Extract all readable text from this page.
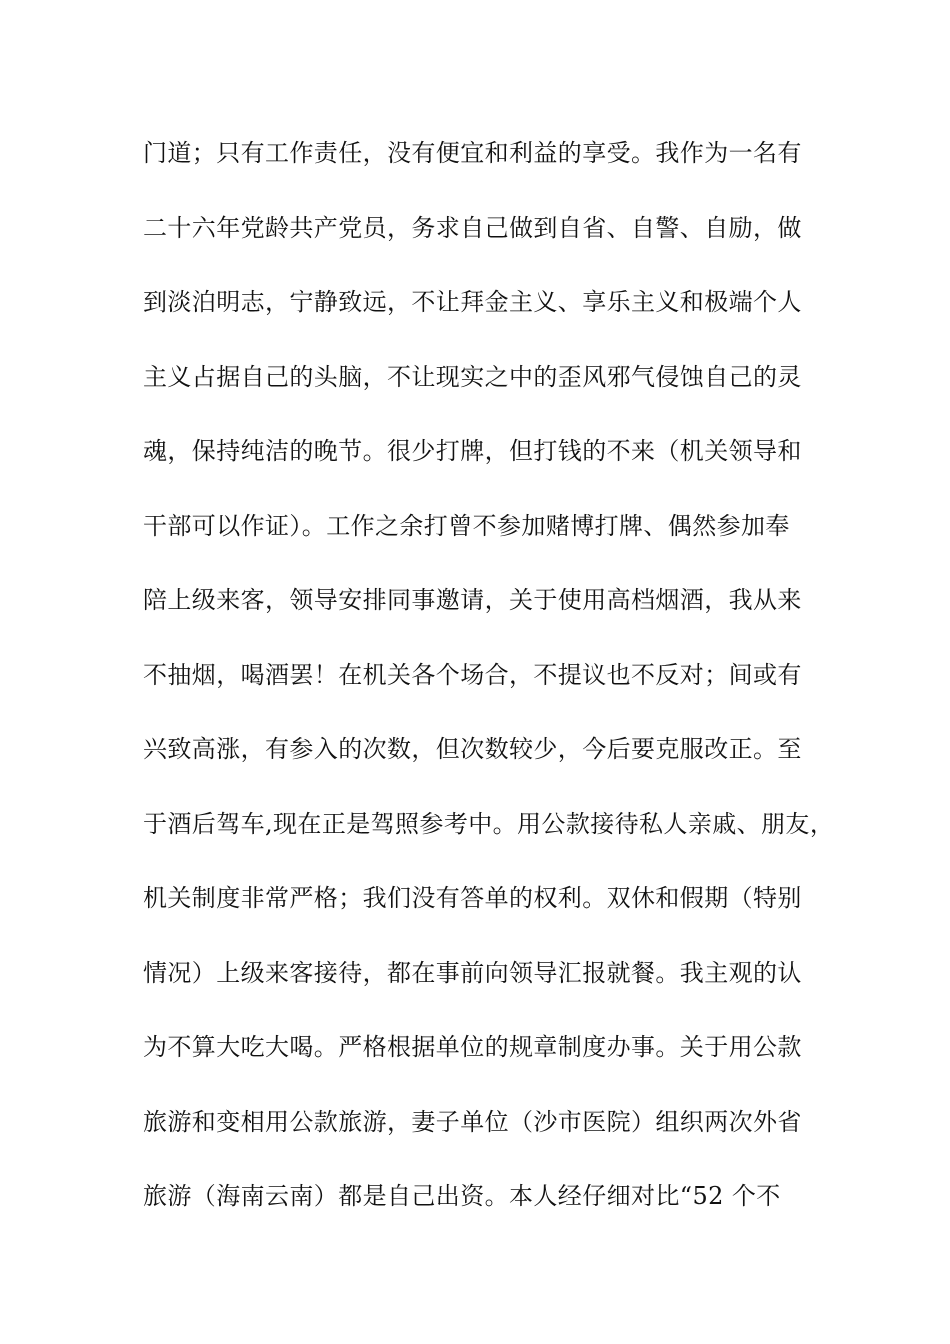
门道；只有工作责任，没有便宜和利益的享受。我作为一名有
二十六年党龄共产党员，务求自己做到自省、自警、自励，做
到淡泊明志，宁静致远，不让拜金主义、享乐主义和极端个人
主义占据自己的头脑，不让现实之中的歪风邪气侵蚀自己的灵
魂，保持纯洁的晚节。很少打牌，但打钱的不来（机关领导和
干部可以作证）。工作之余打曾不参加赌博打牌、偶然参加奉
陪上级来客，领导安排同事邀请，关于使用高档烟酒，我从来
不抽烟，喝酒罢！在机关各个场合，不提议也不反对；间或有
兴致高涨，有参入的次数，但次数较少，今后要克服改正。至
于酒后驾车,现在正是驾照参考中。用公款接待私人亲戚、朋友，
机关制度非常严格；我们没有答单的权利。双休和假期（特别
情况）上级来客接待，都在事前向领导汇报就餐。我主观的认
为不算大吃大喝。严格根据单位的规章制度办事。关于用公款
旅游和变相用公款旅游，妻子单位（沙市医院）组织两次外省
旅游（海南云南）都是自己出资。本人经仔细对比“52 个不
